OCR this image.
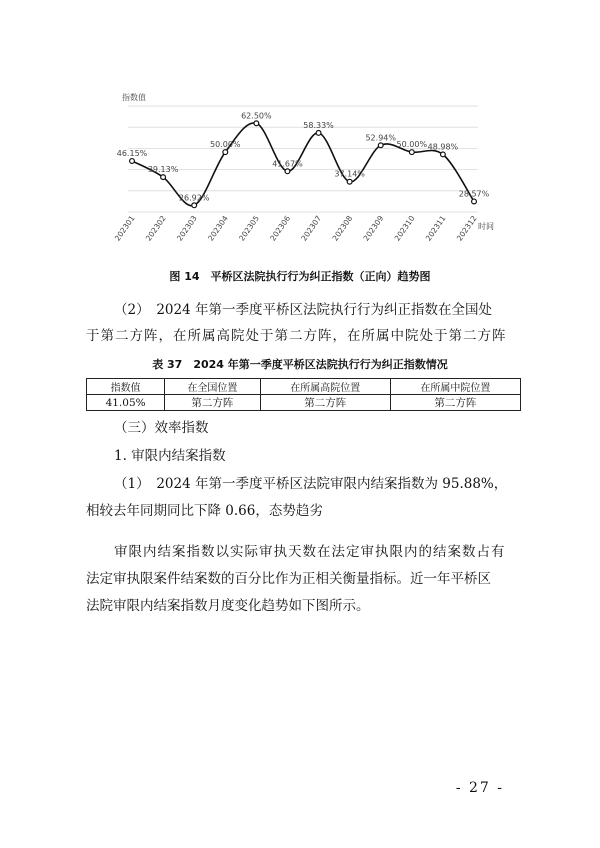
指数值
46.15%
39.13%
26.92%
50.00%
62.50%
41.67%
58.33%
37.14%
52.94%
50.00% 48.98%
28.57%
202301 202302 202303 202304 202305 202306 202307 202308 202309 202310 202311 202312 时间
图 14　平桥区法院执行行为纠正指数（正向）趋势图
（2）　2024 年第一季度平桥区法院执行行为纠正指数在全国处
于第二方阵，在所属高院处于第二方阵，在所属中院处于第二方阵
表 37　2024 年第一季度平桥区法院执行行为纠正指数情况
指数值	在全国位置	在所属高院位置	在所属中院位置
41.05%	第二方阵	第二方阵	第二方阵
（三）效率指数
1. 审限内结案指数
（1）　2024 年第一季度平桥区法院审限内结案指数为 95.88%，
相较去年同期同比下降 0.66，态势趋劣
审限内结案指数以实际审执天数在法定审执限内的结案数占有
法定审执限案件结案数的百分比作为正相关衡量指标。近一年平桥区
法院审限内结案指数月度变化趋势如下图所示。
- 27 -
